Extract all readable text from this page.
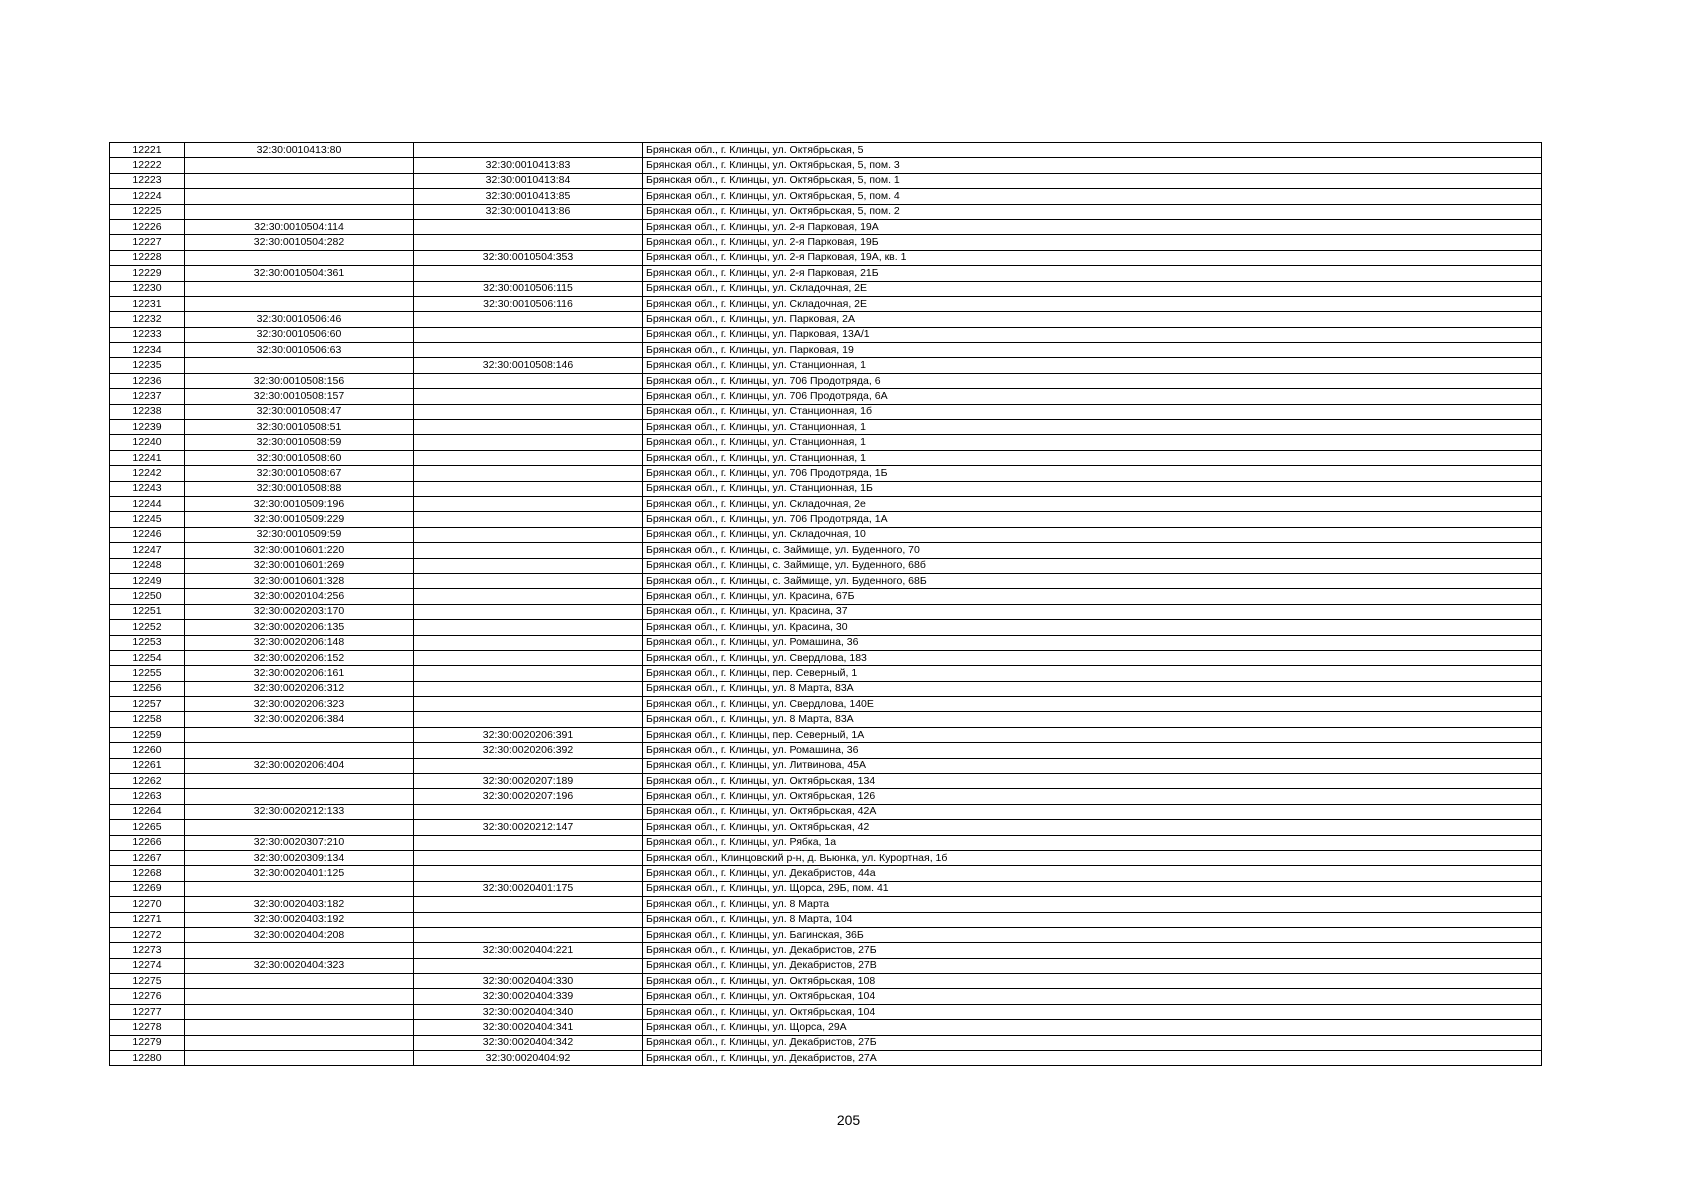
12221	32:30:0010413:80		Брянская обл., г. Клинцы, ул. Октябрьская, 5
12222		32:30:0010413:83	Брянская обл., г. Клинцы, ул. Октябрьская, 5, пом. 3
12223		32:30:0010413:84	Брянская обл., г. Клинцы, ул. Октябрьская, 5, пом. 1
12224		32:30:0010413:85	Брянская обл., г. Клинцы, ул. Октябрьская, 5, пом. 4
12225		32:30:0010413:86	Брянская обл., г. Клинцы, ул. Октябрьская, 5, пом. 2
12226	32:30:0010504:114		Брянская обл., г. Клинцы, ул. 2-я Парковая, 19А
12227	32:30:0010504:282		Брянская обл., г. Клинцы, ул. 2-я Парковая, 19Б
12228		32:30:0010504:353	Брянская обл., г. Клинцы, ул. 2-я Парковая, 19А, кв. 1
12229	32:30:0010504:361		Брянская обл., г. Клинцы, ул. 2-я Парковая, 21Б
12230		32:30:0010506:115	Брянская обл., г. Клинцы, ул. Складочная, 2Е
12231		32:30:0010506:116	Брянская обл., г. Клинцы, ул. Складочная, 2Е
12232	32:30:0010506:46		Брянская обл., г. Клинцы, ул. Парковая, 2А
12233	32:30:0010506:60		Брянская обл., г. Клинцы, ул. Парковая, 13А/1
12234	32:30:0010506:63		Брянская обл., г. Клинцы, ул. Парковая, 19
12235		32:30:0010508:146	Брянская обл., г. Клинцы, ул. Станционная, 1
12236	32:30:0010508:156		Брянская обл., г. Клинцы, ул. 706 Продотряда, 6
12237	32:30:0010508:157		Брянская обл., г. Клинцы, ул. 706 Продотряда, 6А
12238	32:30:0010508:47		Брянская обл., г. Клинцы, ул. Станционная, 1б
12239	32:30:0010508:51		Брянская обл., г. Клинцы, ул. Станционная, 1
12240	32:30:0010508:59		Брянская обл., г. Клинцы, ул. Станционная, 1
12241	32:30:0010508:60		Брянская обл., г. Клинцы, ул. Станционная, 1
12242	32:30:0010508:67		Брянская обл., г. Клинцы, ул. 706 Продотряда, 1Б
12243	32:30:0010508:88		Брянская обл., г. Клинцы, ул. Станционная, 1Б
12244	32:30:0010509:196		Брянская обл., г. Клинцы, ул. Складочная, 2е
12245	32:30:0010509:229		Брянская обл., г. Клинцы, ул. 706 Продотряда, 1А
12246	32:30:0010509:59		Брянская обл., г. Клинцы, ул. Складочная, 10
12247	32:30:0010601:220		Брянская обл., г. Клинцы, с. Займище, ул. Буденного, 70
12248	32:30:0010601:269		Брянская обл., г. Клинцы, с. Займище, ул. Буденного, 68б
12249	32:30:0010601:328		Брянская обл., г. Клинцы, с. Займище, ул. Буденного, 68Б
12250	32:30:0020104:256		Брянская обл., г. Клинцы, ул. Красина, 67Б
12251	32:30:0020203:170		Брянская обл., г. Клинцы, ул. Красина, 37
12252	32:30:0020206:135		Брянская обл., г. Клинцы, ул. Красина, 30
12253	32:30:0020206:148		Брянская обл., г. Клинцы, ул. Ромашина, 36
12254	32:30:0020206:152		Брянская обл., г. Клинцы, ул. Свердлова, 183
12255	32:30:0020206:161		Брянская обл., г. Клинцы, пер. Северный, 1
12256	32:30:0020206:312		Брянская обл., г. Клинцы, ул. 8 Марта, 83А
12257	32:30:0020206:323		Брянская обл., г. Клинцы, ул. Свердлова, 140Е
12258	32:30:0020206:384		Брянская обл., г. Клинцы, ул. 8 Марта, 83А
12259		32:30:0020206:391	Брянская обл., г. Клинцы, пер. Северный, 1А
12260		32:30:0020206:392	Брянская обл., г. Клинцы, ул. Ромашина, 36
12261	32:30:0020206:404		Брянская обл., г. Клинцы, ул. Литвинова, 45А
12262		32:30:0020207:189	Брянская обл., г. Клинцы, ул. Октябрьская, 134
12263		32:30:0020207:196	Брянская обл., г. Клинцы, ул. Октябрьская, 126
12264	32:30:0020212:133		Брянская обл., г. Клинцы, ул. Октябрьская, 42А
12265		32:30:0020212:147	Брянская обл., г. Клинцы, ул. Октябрьская, 42
12266	32:30:0020307:210		Брянская обл., г. Клинцы, ул. Рябка, 1а
12267	32:30:0020309:134		Брянская обл., Клинцовский р-н, д. Вьюнка, ул. Курортная, 1б
12268	32:30:0020401:125		Брянская обл., г. Клинцы, ул. Декабристов, 44а
12269		32:30:0020401:175	Брянская обл., г. Клинцы, ул. Щорса, 29Б, пом. 41
12270	32:30:0020403:182		Брянская обл., г. Клинцы, ул. 8 Марта
12271	32:30:0020403:192		Брянская обл., г. Клинцы, ул. 8 Марта, 104
12272	32:30:0020404:208		Брянская обл., г. Клинцы, ул. Багинская, 36Б
12273		32:30:0020404:221	Брянская обл., г. Клинцы, ул. Декабристов, 27Б
12274	32:30:0020404:323		Брянская обл., г. Клинцы, ул. Декабристов, 27В
12275		32:30:0020404:330	Брянская обл., г. Клинцы, ул. Октябрьская, 108
12276		32:30:0020404:339	Брянская обл., г. Клинцы, ул. Октябрьская, 104
12277		32:30:0020404:340	Брянская обл., г. Клинцы, ул. Октябрьская, 104
12278		32:30:0020404:341	Брянская обл., г. Клинцы, ул. Щорса, 29А
12279		32:30:0020404:342	Брянская обл., г. Клинцы, ул. Декабристов, 27Б
12280		32:30:0020404:92	Брянская обл., г. Клинцы, ул. Декабристов, 27А
205
